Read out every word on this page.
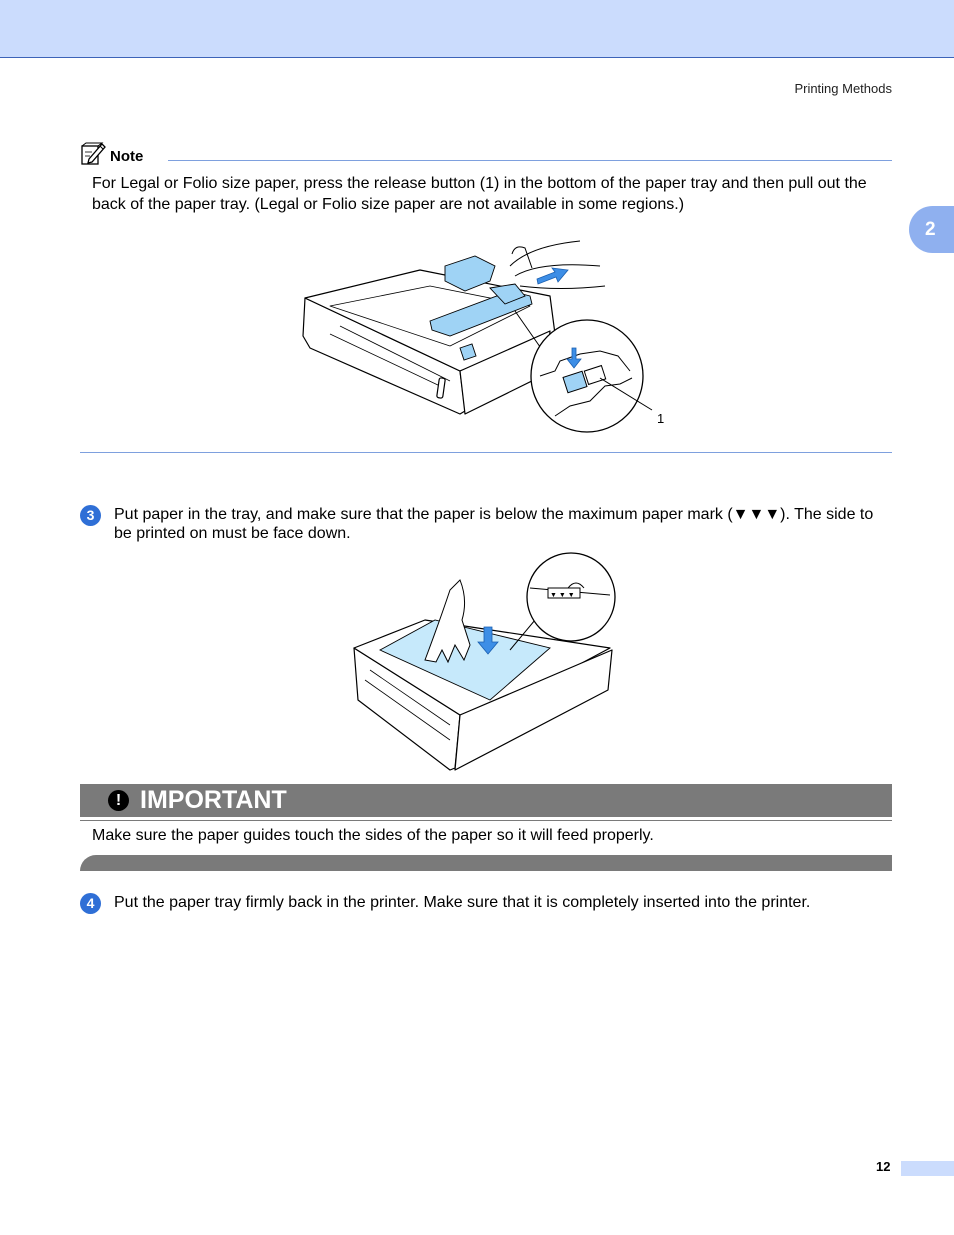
Printing Methods
2
Note
For Legal or Folio size paper, press the release button (1) in the bottom of the paper tray and then pull out the back of the paper tray. (Legal or Folio size paper are not available in some regions.)
1
3	Put paper in the tray, and make sure that the paper is below the maximum paper mark (▼▼▼). The side to be printed on must be face down.
▼ ▼ ▼
! IMPORTANT
Make sure the paper guides touch the sides of the paper so it will feed properly.
4	Put the paper tray firmly back in the printer. Make sure that it is completely inserted into the printer.
12
